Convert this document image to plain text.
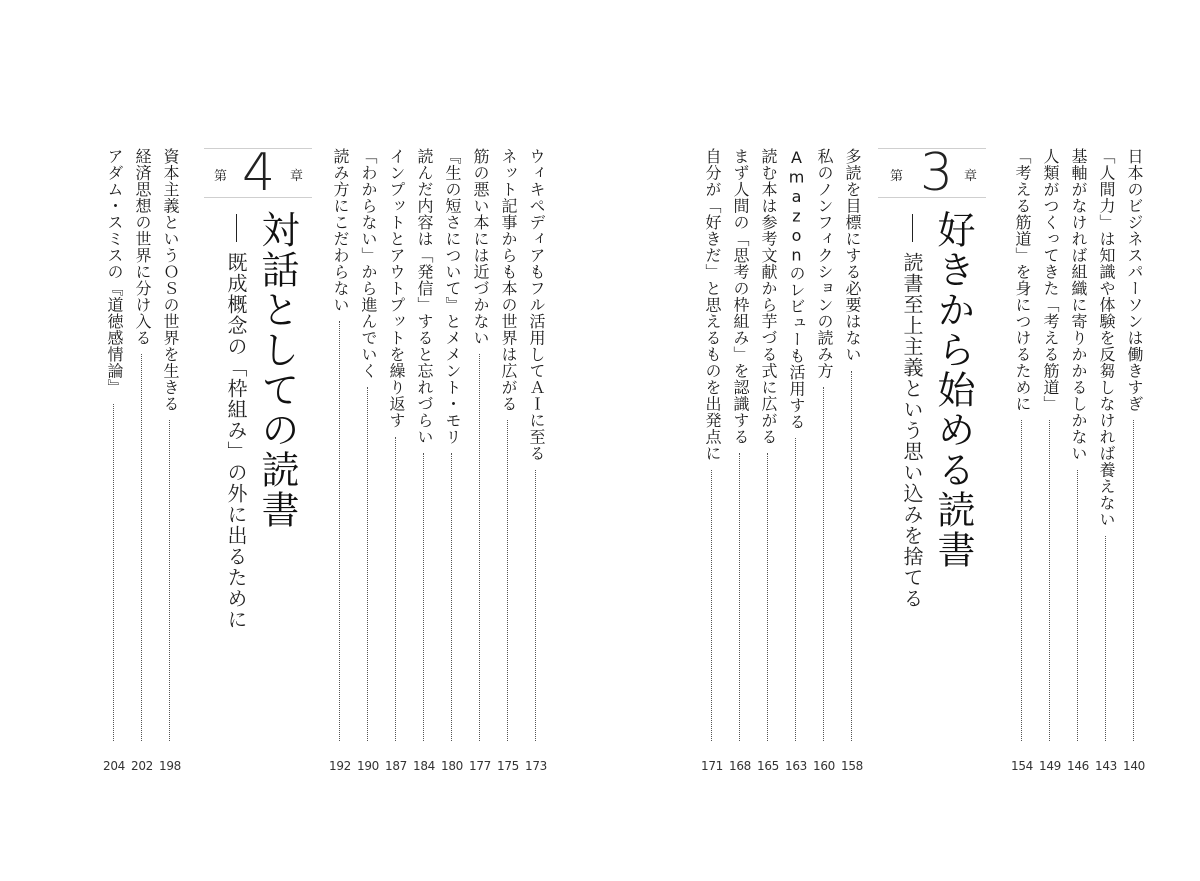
日本のビジネスパーソンは働きすぎ
140
「人間力」は知識や体験を反芻しなければ養えない
143
基軸がなければ組織に寄りかかるしかない
146
人類がつくってきた「考える筋道」
149
「考える筋道」を身につけるために
154
第 3 章
好きから始める読書
読書至上主義という思い込みを捨てる
多読を目標にする必要はない
158
私のノンフィクションの読み方
160
Amazonのレビューも活用する
163
読む本は参考文献から芋づる式に広がる
165
まず人間の「思考の枠組み」を認識する
168
自分が「好きだ」と思えるものを出発点に
171
ウィキペディアもフル活用してＡＩに至る
173
ネット記事からも本の世界は広がる
175
筋の悪い本には近づかない
177
『生の短さについて』とメメント・モリ
180
読んだ内容は「発信」すると忘れづらい
184
インプットとアウトプットを繰り返す
187
「わからない」から進んでいく
190
読み方にこだわらない
192
第 4 章
対話としての読書
既成概念の「枠組み」の外に出るために
資本主義というＯＳの世界を生きる
198
経済思想の世界に分け入る
202
アダム・スミスの『道徳感情論』
204
